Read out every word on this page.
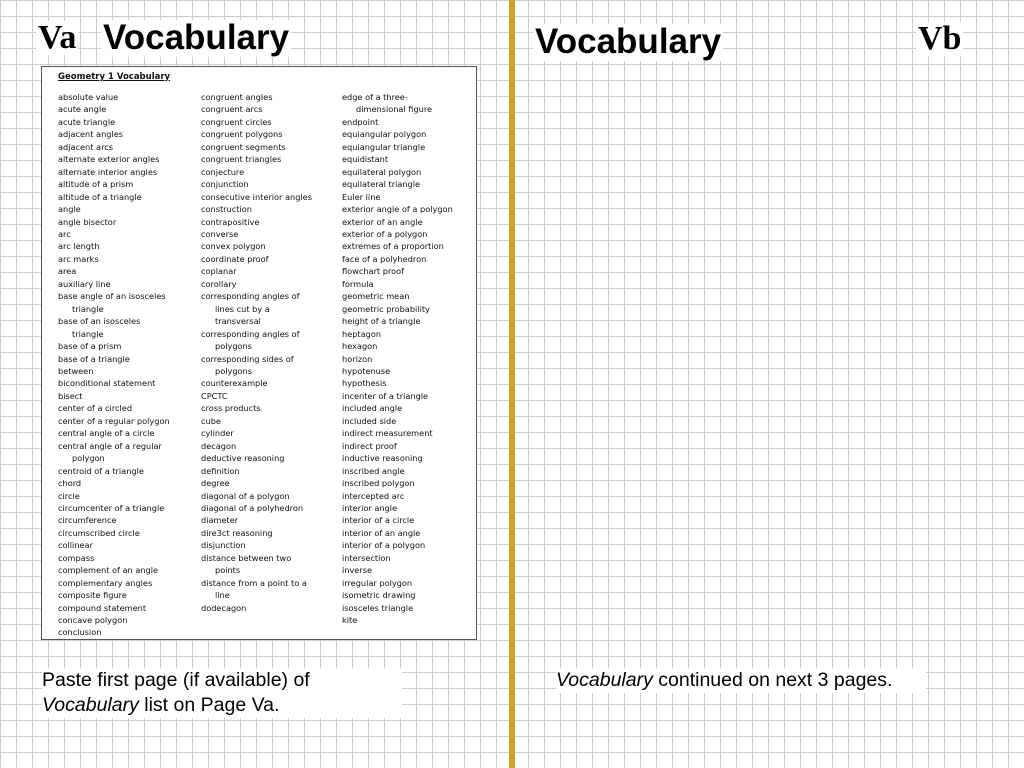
Va Vocabulary	Vocabulary	Vb
Geometry 1 Vocabulary
absolute value
acute angle
acute triangle
adjacent angles
adjacent arcs
alternate exterior angles
alternate interior angles
altitude of a prism
altitude of a triangle
angle
angle bisector
arc
arc length
arc marks
area
auxiliary line
base angle of an isosceles
triangle
base of an isosceles
triangle
base of a prism
base of a triangle
between
biconditional statement
bisect
center of a circled
center of a regular polygon
central angle of a circle
central angle of a regular
polygon
centroid of a triangle
chord
circle
circumcenter of a triangle
circumference
circumscribed circle
collinear
compass
complement of an angle
complementary angles
composite figure
compound statement
concave polygon
conclusion
congruent angles
congruent arcs
congruent circles
congruent polygons
congruent segments
congruent triangles
conjecture
conjunction
consecutive interior angles
construction
contrapositive
converse
convex polygon
coordinate proof
coplanar
corollary
corresponding angles of
lines cut by a
transversal
corresponding angles of
polygons
corresponding sides of
polygons
counterexample
CPCTC
cross products
cube
cylinder
decagon
deductive reasoning
definition
degree
diagonal of a polygon
diagonal of a polyhedron
diameter
dire3ct reasoning
disjunction
distance between two
points
distance from a point to a
line
dodecagon
edge of a three-
dimensional figure
endpoint
equiangular polygon
equiangular triangle
equidistant
equilateral polygon
equilateral triangle
Euler line
exterior angle of a polygon
exterior of an angle
exterior of a polygon
extremes of a proportion
face of a polyhedron
flowchart proof
formula
geometric mean
geometric probability
height of a triangle
heptagon
hexagon
horizon
hypotenuse
hypothesis
incenter of a triangle
included angle
included side
indirect measurement
indirect proof
inductive reasoning
inscribed angle
inscribed polygon
intercepted arc
interior angle
interior of a circle
interior of an angle
interior of a polygon
intersection
inverse
irregular polygon
isometric drawing
isosceles triangle
kite
Paste first page (if available) of
Vocabulary list on Page Va.
Vocabulary continued on next 3 pages.
